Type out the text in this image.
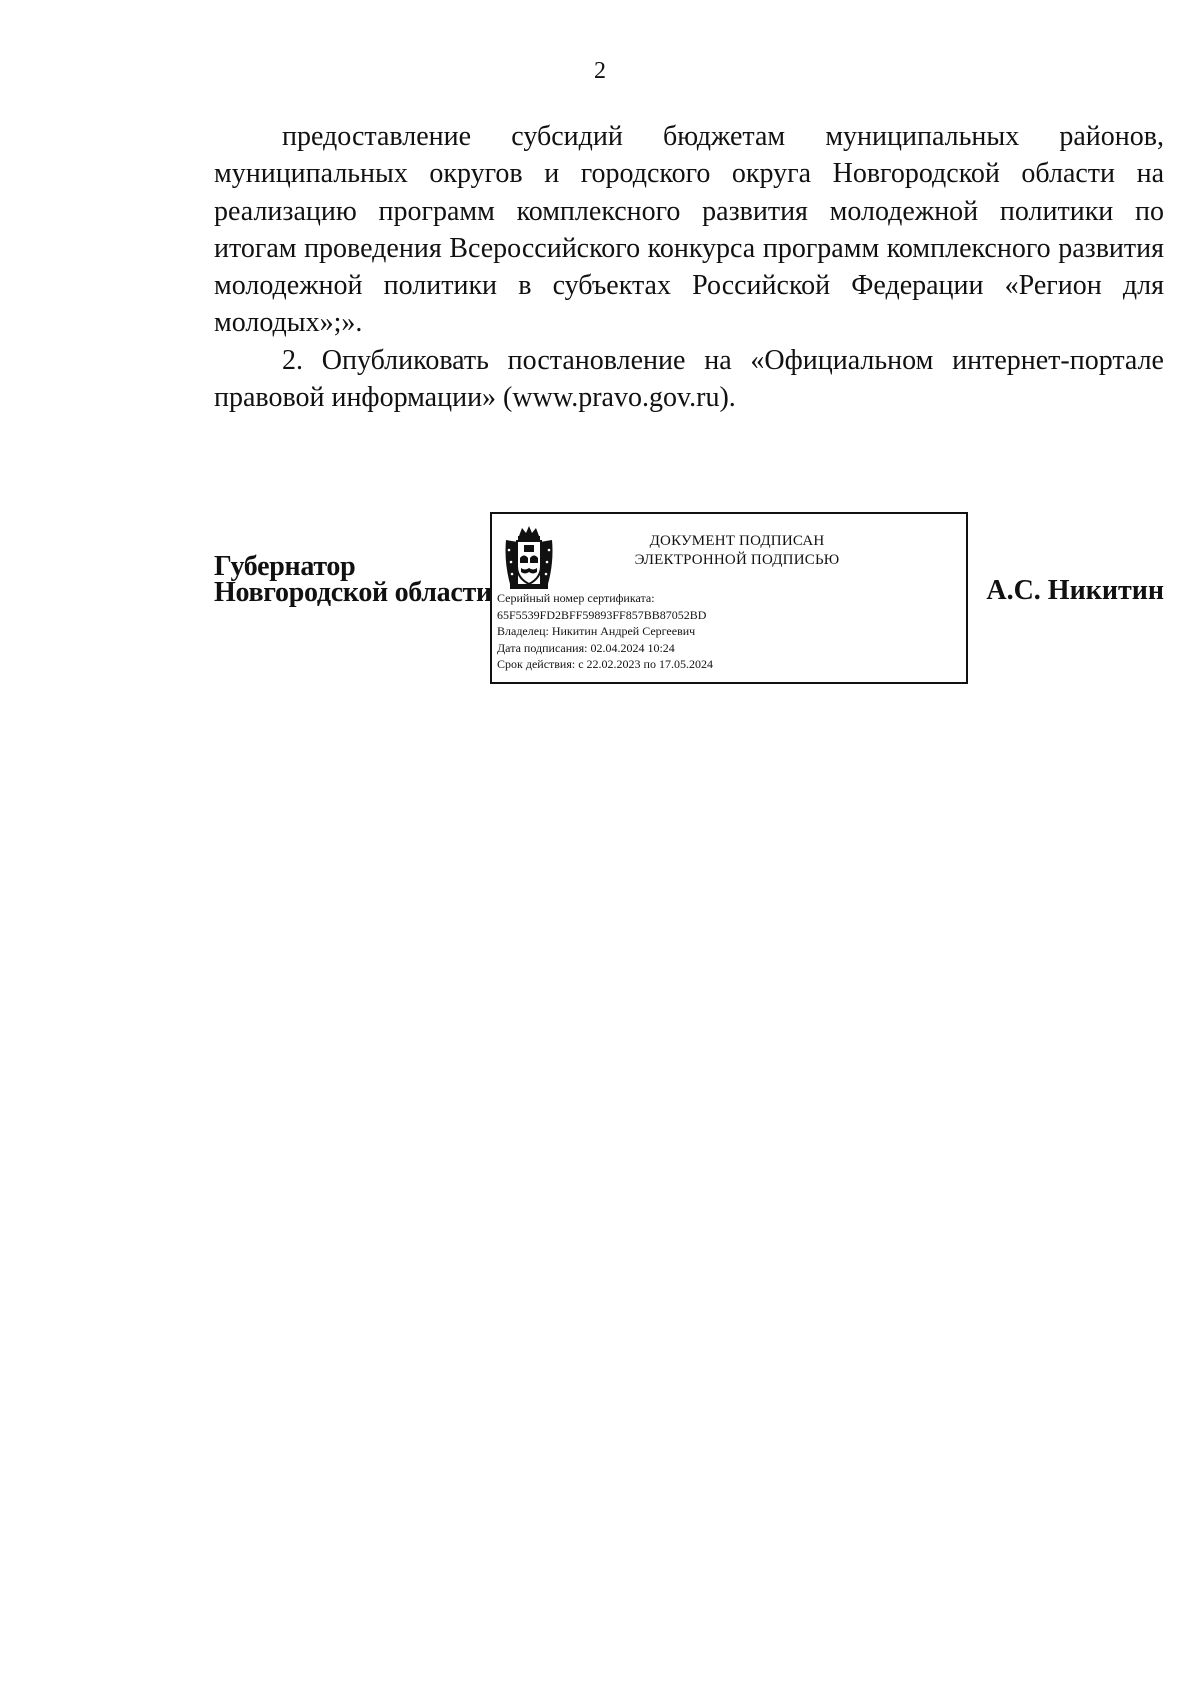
2

предоставление субсидий бюджетам муниципальных районов, муниципальных округов и городского округа Новгородской области на реализацию программ комплексного развития молодежной политики по итогам проведения Всероссийского конкурса программ комплексного развития молодежной политики в субъектах Российской Федерации «Регион для молодых»;».

2. Опубликовать постановление на «Официальном интернет-портале правовой информации» (www.pravo.gov.ru).

Губернатор
Новгородской области
ДОКУМЕНТ ПОДПИСАН
ЭЛЕКТРОННОЙ ПОДПИСЬЮ
Серийный номер сертификата:
65F5539FD2BFF59893FF857BB87052BD
Владелец: Никитин Андрей Сергеевич
Дата подписания: 02.04.2024 10:24
Срок действия: с 22.02.2023 по 17.05.2024
А.С. Никитин
